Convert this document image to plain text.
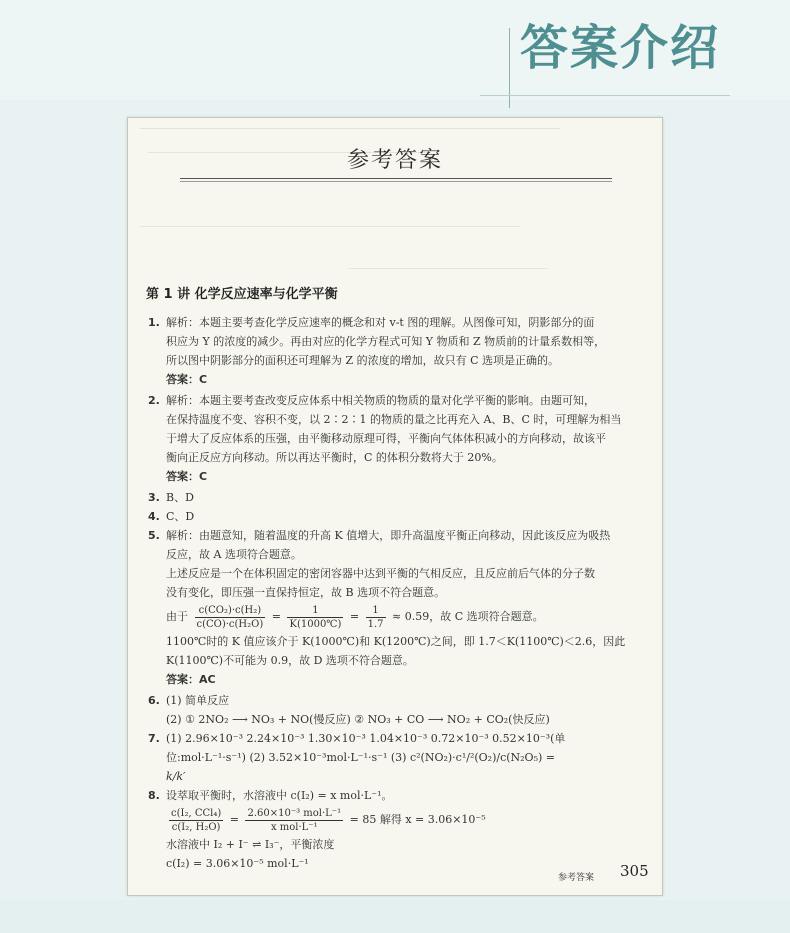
答案介绍
参考答案
第 1 讲 化学反应速率与化学平衡
1. 解析：本题主要考查化学反应速率的概念和对 v-t 图的理解。从图像可知，阴影部分的面
积应为 Y 的浓度的减少。再由对应的化学方程式可知 Y 物质和 Z 物质前的计量系数相等，
所以图中阴影部分的面积还可理解为 Z 的浓度的增加，故只有 C 选项是正确的。
答案：C
2. 解析：本题主要考查改变反应体系中相关物质的物质的量对化学平衡的影响。由题可知，
在保持温度不变、容积不变，以 2∶2∶1 的物质的量之比再充入 A、B、C 时，可理解为相当
于增大了反应体系的压强，由平衡移动原理可得，平衡向气体体积减小的方向移动，故该平
衡向正反应方向移动。所以再达平衡时，C 的体积分数将大于 20%。
答案：C
3. B、D
4. C、D
5. 解析：由题意知，随着温度的升高 K 值增大，即升高温度平衡正向移动，因此该反应为吸热
反应，故 A 选项符合题意。
上述反应是一个在体积固定的密闭容器中达到平衡的气相反应，且反应前后气体的分子数
没有变化，即压强一直保持恒定，故 B 选项不符合题意。
由于 $\frac{\text{c(CO₂)·c(H₂)}}{\text{c(CO)·c(H₂O)}} = \frac{1}{K(1000℃)} = \frac{1}{1.7} \approx 0.59$，故 C 选项符合题意。
1100℃时的 K 值应该介于 K(1000℃)和 K(1200℃)之间，即 1.7＜K(1100℃)＜2.6，因此
K(1100℃)不可能为 0.9，故 D 选项不符合题意。
答案：AC
6. (1) 简单反应
(2) ① 2NO₂ ⟶ NO₃ + NO(慢反应) ② NO₃ + CO ⟶ NO₂ + CO₂(快反应)
7. (1) 2.96×10⁻³ 2.24×10⁻³ 1.30×10⁻³ 1.04×10⁻³ 0.72×10⁻³ 0.52×10⁻³(单
位:mol·L⁻¹·s⁻¹) (2) 3.52×10⁻³mol·L⁻¹·s⁻¹ (3) c²(NO₂)·c¹/²(O₂)/c(N₂O₅) =
k/k′
8. 设萃取平衡时，水溶液中 c(I₂) = x mol·L⁻¹。
$\frac{\text{c(I₂, CCl₄)}}{\text{c(I₂, H₂O)}} = \frac{\text{2.60×10⁻³ mol·L⁻¹}}{\text{x mol·L⁻¹}} = 85$ 解得 x = 3.06×10⁻⁵
水溶液中 I₂ + I⁻ ⇌ I₃⁻，平衡浓度
c(I₂) = 3.06×10⁻⁵ mol·L⁻¹
参考答案 305
